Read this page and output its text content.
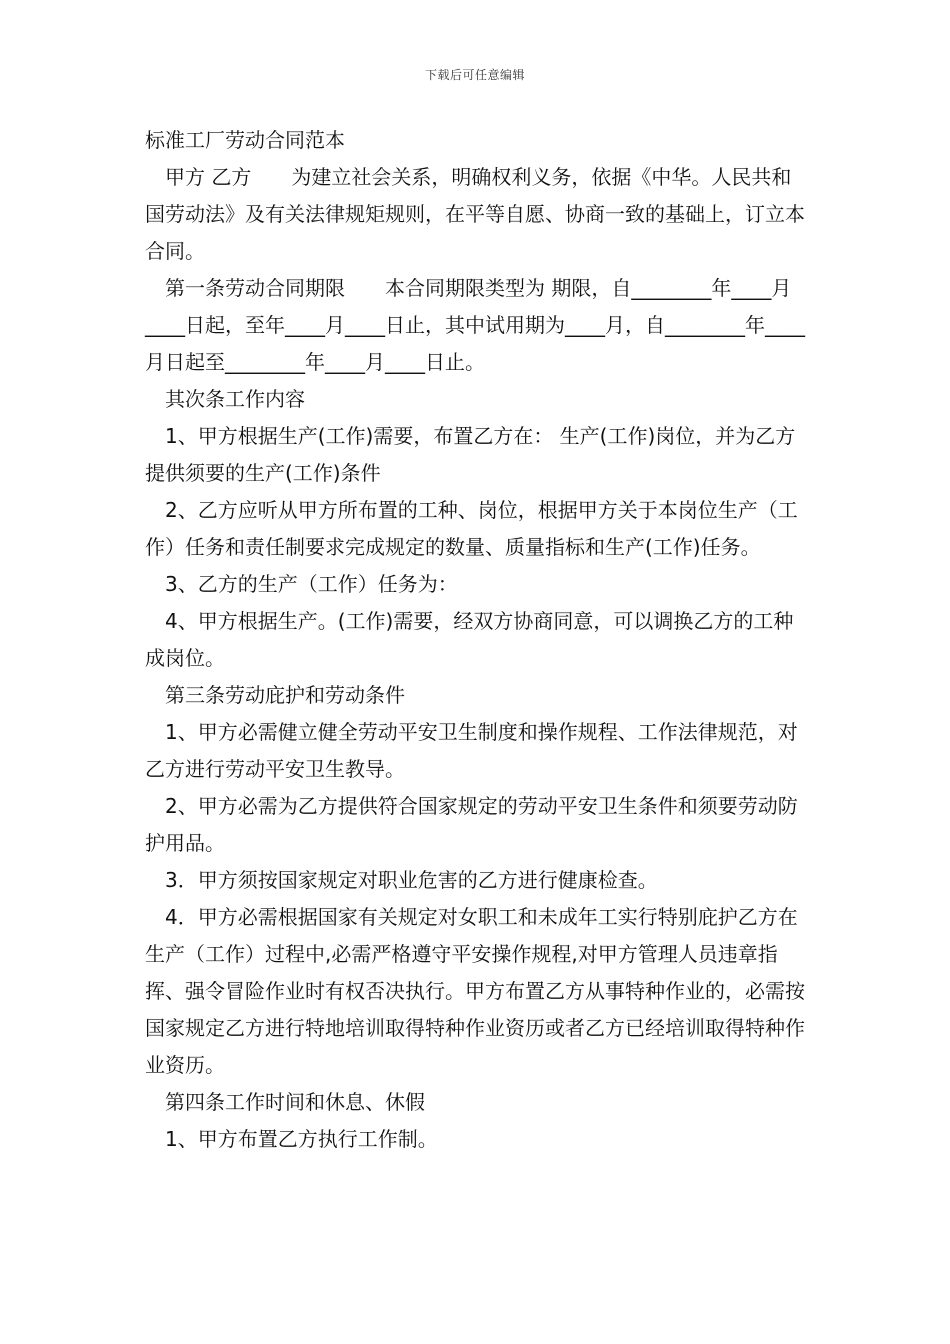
下载后可任意编辑
标准工厂劳动合同范本

甲方 乙方　　为建立社会关系，明确权利义务，依据《中华。人民共和国劳动法》及有关法律规矩规则，在平等自愿、协商一致的基础上，订立本合同。

第一条劳动合同期限　　本合同期限类型为 期限，自________年____月____日起，至年____月____日止，其中试用期为____月，自________年____月日起至________年____月____日止。

其次条工作内容

1、甲方根据生产(工作)需要，布置乙方在： 生产(工作)岗位，并为乙方提供须要的生产(工作)条件

2、乙方应听从甲方所布置的工种、岗位，根据甲方关于本岗位生产（工作）任务和责任制要求完成规定的数量、质量指标和生产(工作)任务。

3、乙方的生产（工作）任务为：

4、甲方根据生产。(工作)需要，经双方协商同意，可以调换乙方的工种成岗位。

第三条劳动庇护和劳动条件

1、甲方必需健立健全劳动平安卫生制度和操作规程、工作法律规范，对乙方进行劳动平安卫生教导。

2、甲方必需为乙方提供符合国家规定的劳动平安卫生条件和须要劳动防护用品。

3．甲方须按国家规定对职业危害的乙方进行健康检查。

4．甲方必需根据国家有关规定对女职工和未成年工实行特别庇护乙方在生产（工作）过程中,必需严格遵守平安操作规程,对甲方管理人员违章指挥、强令冒险作业时有权否决执行。甲方布置乙方从事特种作业的，必需按国家规定乙方进行特地培训取得特种作业资历或者乙方已经培训取得特种作业资历。

第四条工作时间和休息、休假

1、甲方布置乙方执行工作制。
